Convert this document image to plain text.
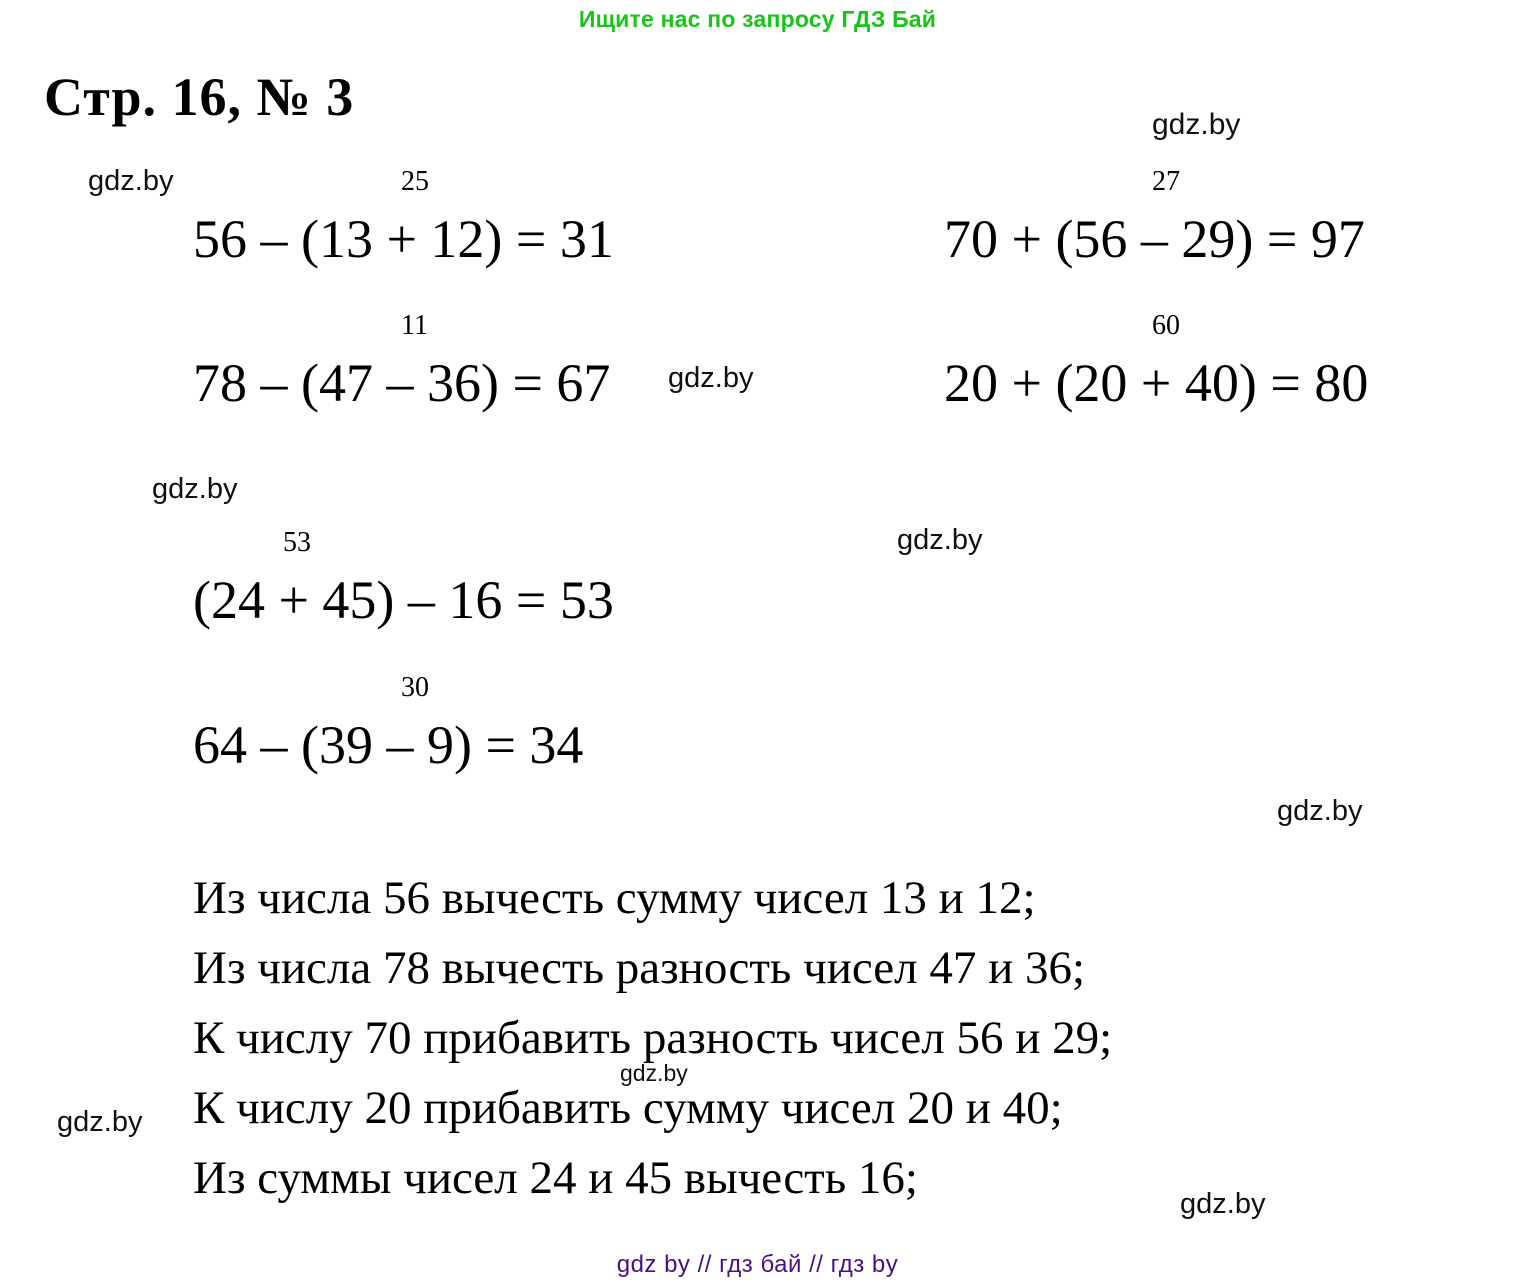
Ищите нас по запросу ГДЗ Бай
Стр. 16, № 3
25
56 – (13 + 12) = 31
27
70 + (56 – 29) = 97
11
78 – (47 – 36) = 67
60
20 + (20 + 40) = 80
53
(24 + 45) – 16 = 53
30
64 – (39 – 9) = 34
Из числа 56 вычесть сумму чисел 13 и 12;
Из числа 78 вычесть разность чисел 47 и 36;
К числу 70 прибавить разность чисел 56 и 29;
К числу 20 прибавить сумму чисел 20 и 40;
Из суммы чисел 24 и 45 вычесть 16;
gdz.by
gdz.by
gdz.by
gdz.by
gdz.by
gdz.by
gdz.by
gdz.by
gdz.by
gdz by // гдз бай // гдз by
